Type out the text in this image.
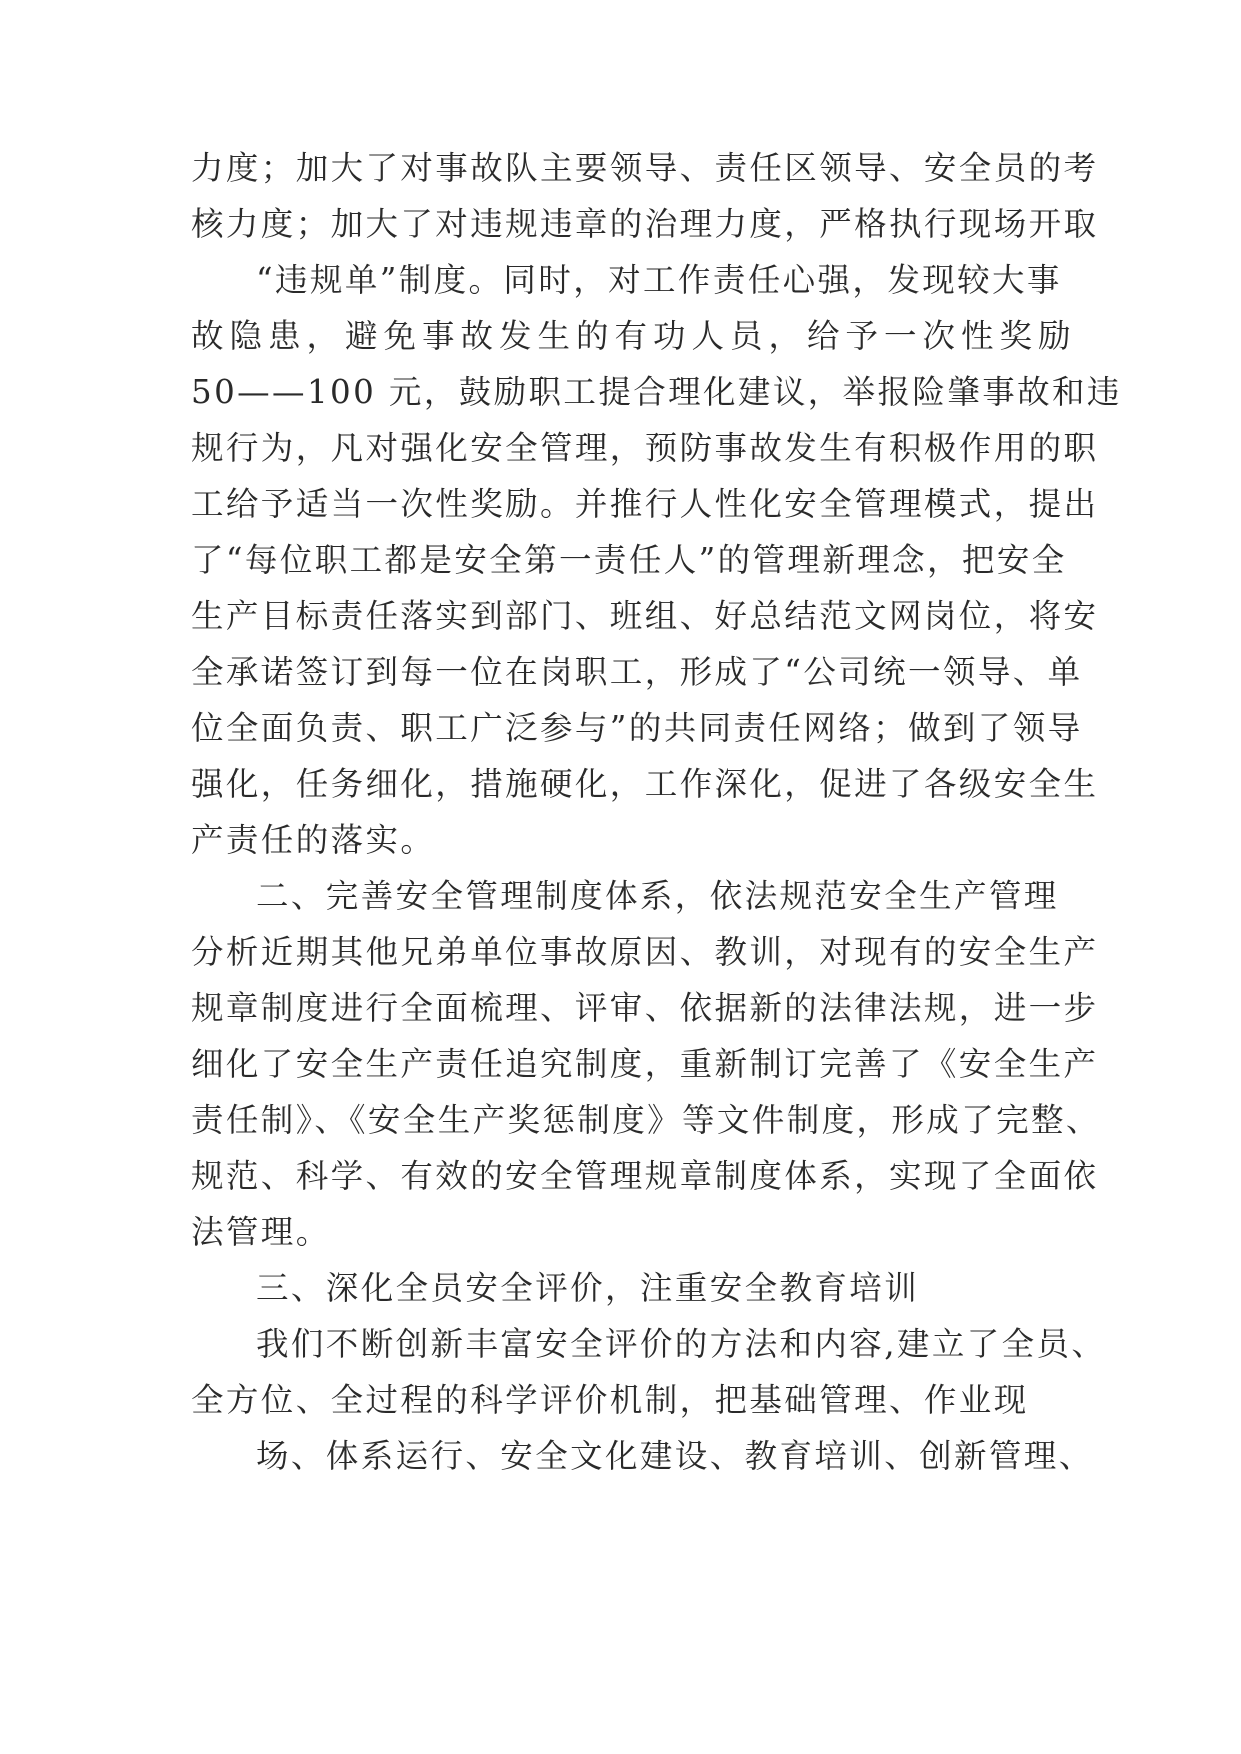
力度；加大了对事故队主要领导、责任区领导、安全员的考
核力度；加大了对违规违章的治理力度，严格执行现场开取
“违规单”制度。同时，对工作责任心强，发现较大事
故隐患，避免事故发生的有功人员，给予一次性奖励
50——100 元，鼓励职工提合理化建议，举报险肇事故和违
规行为，凡对强化安全管理，预防事故发生有积极作用的职
工给予适当一次性奖励。并推行人性化安全管理模式，提出
了“每位职工都是安全第一责任人”的管理新理念，把安全
生产目标责任落实到部门、班组、好总结范文网岗位，将安
全承诺签订到每一位在岗职工，形成了“公司统一领导、单
位全面负责、职工广泛参与”的共同责任网络；做到了领导
强化，任务细化，措施硬化，工作深化，促进了各级安全生
产责任的落实。
二、完善安全管理制度体系，依法规范安全生产管理
分析近期其他兄弟单位事故原因、教训，对现有的安全生产
规章制度进行全面梳理、评审、依据新的法律法规，进一步
细化了安全生产责任追究制度，重新制订完善了《安全生产
责任制》、《安全生产奖惩制度》等文件制度，形成了完整、
规范、科学、有效的安全管理规章制度体系，实现了全面依
法管理。
三、深化全员安全评价，注重安全教育培训
我们不断创新丰富安全评价的方法和内容,建立了全员、
全方位、全过程的科学评价机制，把基础管理、作业现
场、体系运行、安全文化建设、教育培训、创新管理、
